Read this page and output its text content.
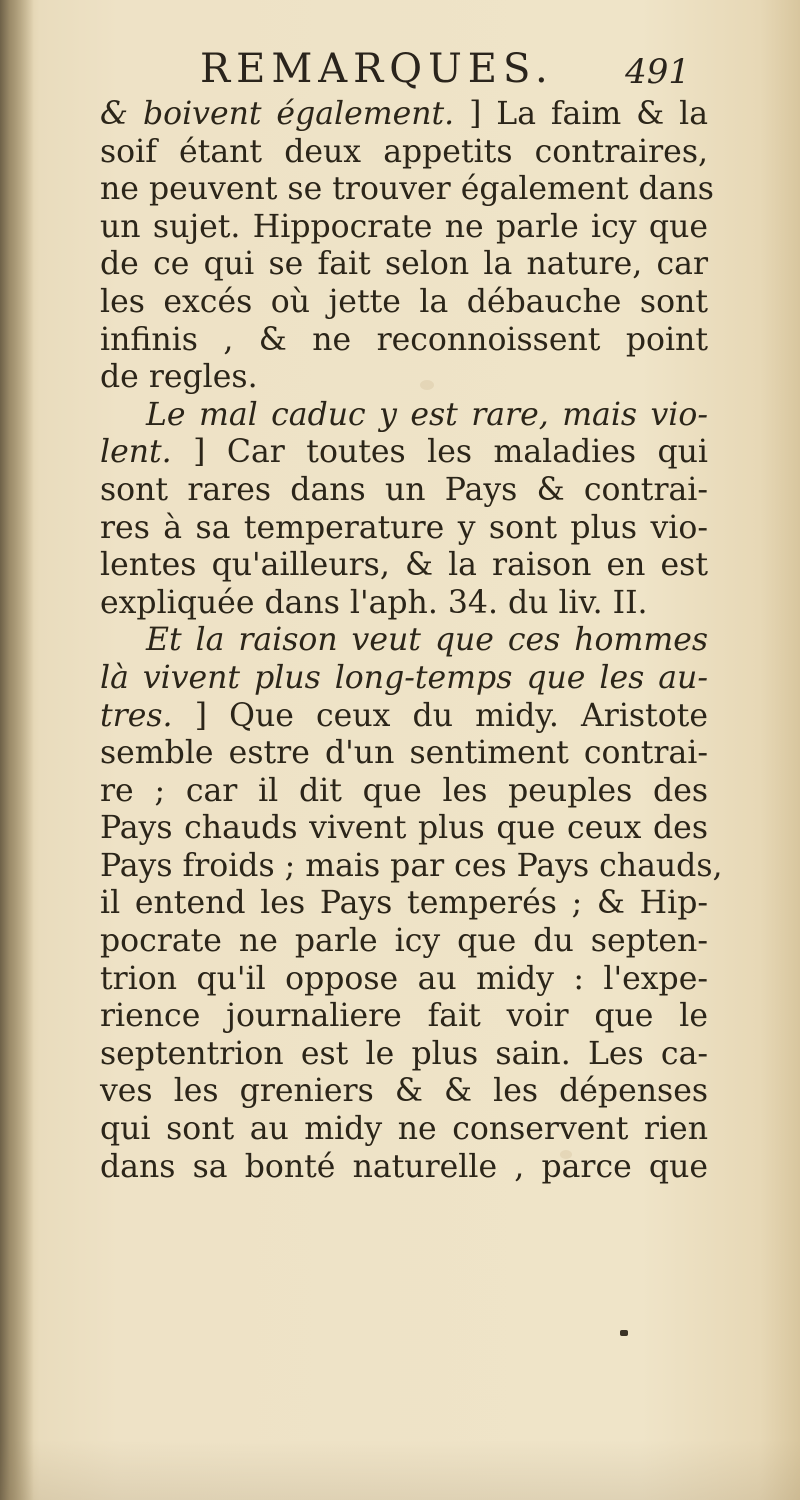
REMARQUES. 491
& boivent également. ] La faim & la
soif étant deux appetits contraires,
ne peuvent se trouver également dans
un sujet. Hippocrate ne parle icy que
de ce qui se fait selon la nature, car
les excés où jette la débauche sont
infinis , & ne reconnoissent point
de regles.
Le mal caduc y est rare, mais vio-
lent. ] Car toutes les maladies qui
sont rares dans un Pays & contrai-
res à sa temperature y sont plus vio-
lentes qu'ailleurs, & la raison en est
expliquée dans l'aph. 34. du liv. II.
Et la raison veut que ces hommes
là vivent plus long-temps que les au-
tres. ] Que ceux du midy. Aristote
semble estre d'un sentiment contrai-
re ; car il dit que les peuples des
Pays chauds vivent plus que ceux des
Pays froids ; mais par ces Pays chauds,
il entend les Pays temperés ; & Hip-
pocrate ne parle icy que du septen-
trion qu'il oppose au midy : l'expe-
rience journaliere fait voir que le
septentrion est le plus sain. Les ca-
ves les greniers & & les dépenses
qui sont au midy ne conservent rien
dans sa bonté naturelle , parce que
